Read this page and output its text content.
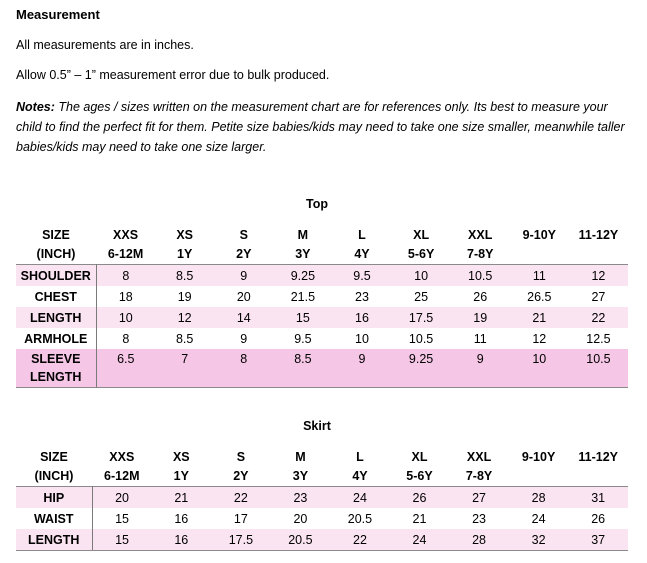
Measurement
All measurements are in inches.
Allow 0.5” – 1” measurement error due to bulk produced.
Notes: The ages / sizes written on the measurement chart are for references only. Its best to measure your child to find the perfect fit for them. Petite size babies/kids may need to take one size smaller, meanwhile taller babies/kids may need to take one size larger.
Top
SIZE	XXS	XS	S	M	L	XL	XXL	9-10Y	11-12Y
(INCH)	6-12M	1Y	2Y	3Y	4Y	5-6Y	7-8Y		
SHOULDER	8	8.5	9	9.25	9.5	10	10.5	11	12
CHEST	18	19	20	21.5	23	25	26	26.5	27
LENGTH	10	12	14	15	16	17.5	19	21	22
ARMHOLE	8	8.5	9	9.5	10	10.5	11	12	12.5

SLEEVE
LENGTH	6.5	7	8	8.5	9	9.25	9	10	10.5
Skirt
SIZE	XXS	XS	S	M	L	XL	XXL	9-10Y	11-12Y
(INCH)	6-12M	1Y	2Y	3Y	4Y	5-6Y	7-8Y		
HIP	20	21	22	23	24	26	27	28	31
WAIST	15	16	17	20	20.5	21	23	24	26
LENGTH	15	16	17.5	20.5	22	24	28	32	37
